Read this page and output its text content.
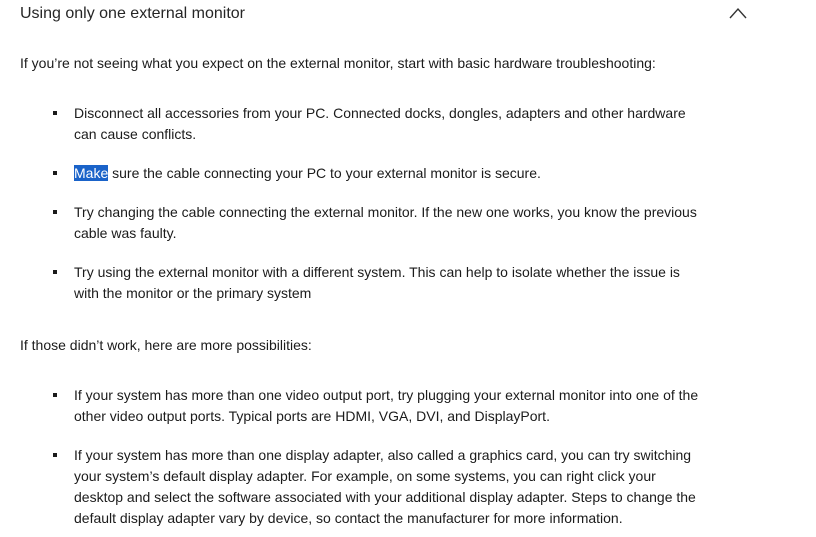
Using only one external monitor

If you’re not seeing what you expect on the external monitor, start with basic hardware troubleshooting:

Disconnect all accessories from your PC. Connected docks, dongles, adapters and other hardware can cause conflicts.
Make sure the cable connecting your PC to your external monitor is secure.
Try changing the cable connecting the external monitor. If the new one works, you know the previous cable was faulty.
Try using the external monitor with a different system. This can help to isolate whether the issue is with the monitor or the primary system

If those didn’t work, here are more possibilities:

If your system has more than one video output port, try plugging your external monitor into one of the other video output ports. Typical ports are HDMI, VGA, DVI, and DisplayPort.
If your system has more than one display adapter, also called a graphics card, you can try switching your system’s default display adapter. For example, on some systems, you can right click your desktop and select the software associated with your additional display adapter. Steps to change the default display adapter vary by device, so contact the manufacturer for more information.
